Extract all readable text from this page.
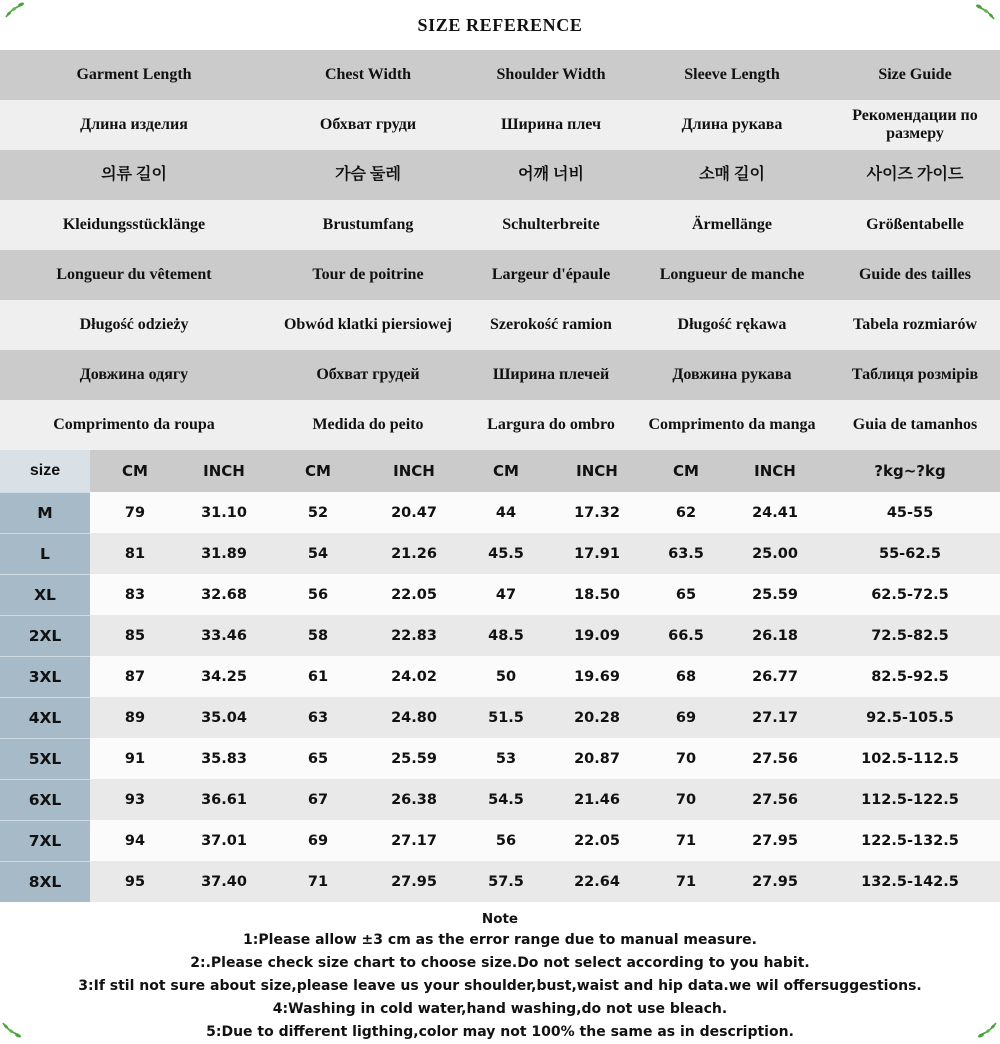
SIZE REFERENCE
Garment Length	Chest Width	Shoulder Width	Sleeve Length	Size Guide
Длина изделия	Обхват груди	Ширина плеч	Длина рукава	Рекомендации по размеру
의류 길이	가슴 둘레	어깨 너비	소매 길이	사이즈 가이드
Kleidungsstücklänge	Brustumfang	Schulterbreite	Ärmellänge	Größentabelle
Longueur du vêtement	Tour de poitrine	Largeur d'épaule	Longueur de manche	Guide des tailles
Długość odzieży	Obwód klatki piersiowej	Szerokość ramion	Długość rękawa	Tabela rozmiarów
Довжина одягу	Обхват грудей	Ширина плечей	Довжина рукава	Таблиця розмірів
Comprimento da roupa	Medida do peito	Largura do ombro	Comprimento da manga	Guia de tamanhos
size	CM	INCH	CM	INCH	CM	INCH	CM	INCH	?kg~?kg
M	79	31.10	52	20.47	44	17.32	62	24.41	45-55
L	81	31.89	54	21.26	45.5	17.91	63.5	25.00	55-62.5
XL	83	32.68	56	22.05	47	18.50	65	25.59	62.5-72.5
2XL	85	33.46	58	22.83	48.5	19.09	66.5	26.18	72.5-82.5
3XL	87	34.25	61	24.02	50	19.69	68	26.77	82.5-92.5
4XL	89	35.04	63	24.80	51.5	20.28	69	27.17	92.5-105.5
5XL	91	35.83	65	25.59	53	20.87	70	27.56	102.5-112.5
6XL	93	36.61	67	26.38	54.5	21.46	70	27.56	112.5-122.5
7XL	94	37.01	69	27.17	56	22.05	71	27.95	122.5-132.5
8XL	95	37.40	71	27.95	57.5	22.64	71	27.95	132.5-142.5
Note
1:Please allow ±3 cm as the error range due to manual measure.
2:.Please check size chart to choose size.Do not select according to you habit.
3:If stil not sure about size,please leave us your shoulder,bust,waist and hip data.we wil offersuggestions.
4:Washing in cold water,hand washing,do not use bleach.
5:Due to different ligthing,color may not 100% the same as in description.
